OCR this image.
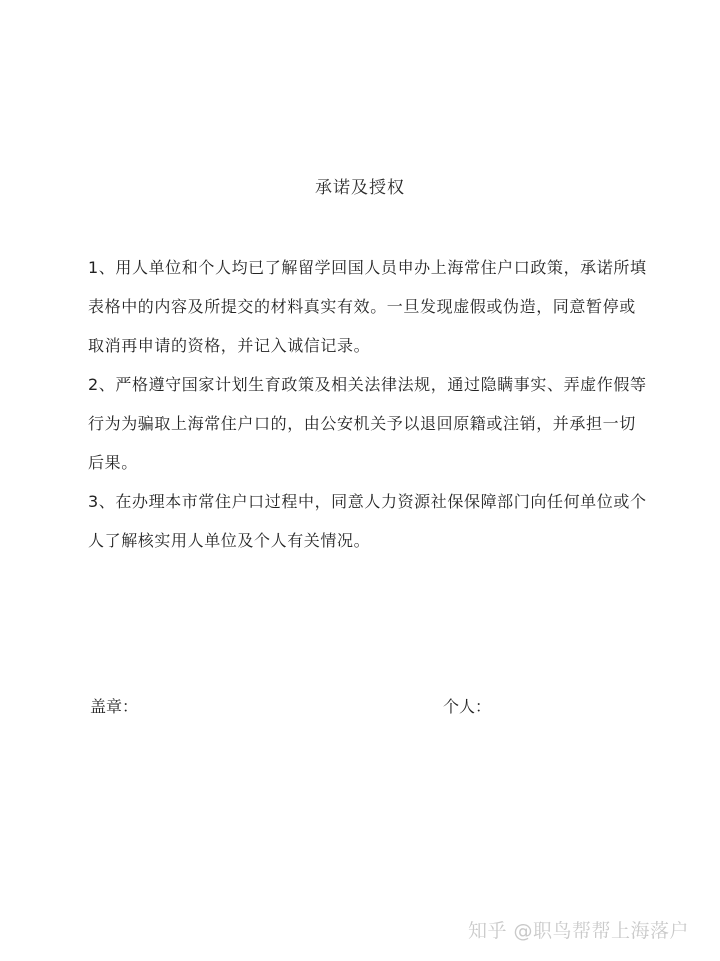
承诺及授权

1、用人单位和个人均已了解留学回国人员申办上海常住户口政策，承诺所填表格中的内容及所提交的材料真实有效。一旦发现虚假或伪造，同意暂停或取消再申请的资格，并记入诚信记录。

2、严格遵守国家计划生育政策及相关法律法规，通过隐瞒事实、弄虚作假等行为为骗取上海常住户口的，由公安机关予以退回原籍或注销，并承担一切后果。

3、在办理本市常住户口过程中，同意人力资源社保保障部门向任何单位或个人了解核实用人单位及个人有关情况。

盖章：	个人：
知乎 @职鸟帮帮上海落户
